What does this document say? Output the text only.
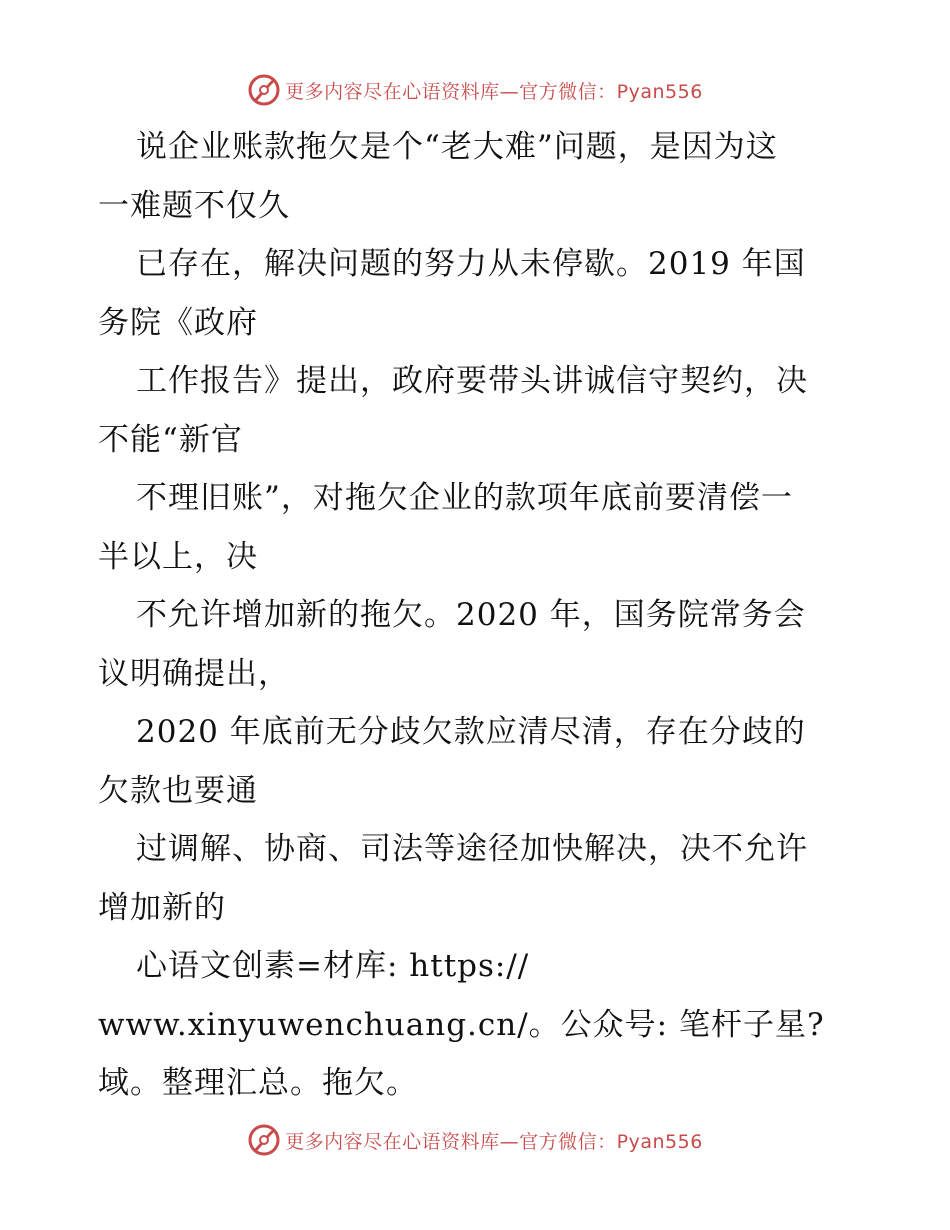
更多内容尽在心语资料库—官方微信：Pyan556
说企业账款拖欠是个“老大难”问题，是因为这
一难题不仅久
已存在，解决问题的努力从未停歇。2019 年国
务院《政府
工作报告》提出，政府要带头讲诚信守契约，决
不能“新官
不理旧账”，对拖欠企业的款项年底前要清偿一
半以上，决
不允许增加新的拖欠。2020 年，国务院常务会
议明确提出，
2020 年底前无分歧欠款应清尽清，存在分歧的
欠款也要通
过调解、协商、司法等途径加快解决，决不允许
增加新的
心语文创素=材库: https://
www.xinyuwenchuang.cn/。公众号: 笔杆子星?
域。整理汇总。拖欠。
更多内容尽在心语资料库—官方微信：Pyan556
